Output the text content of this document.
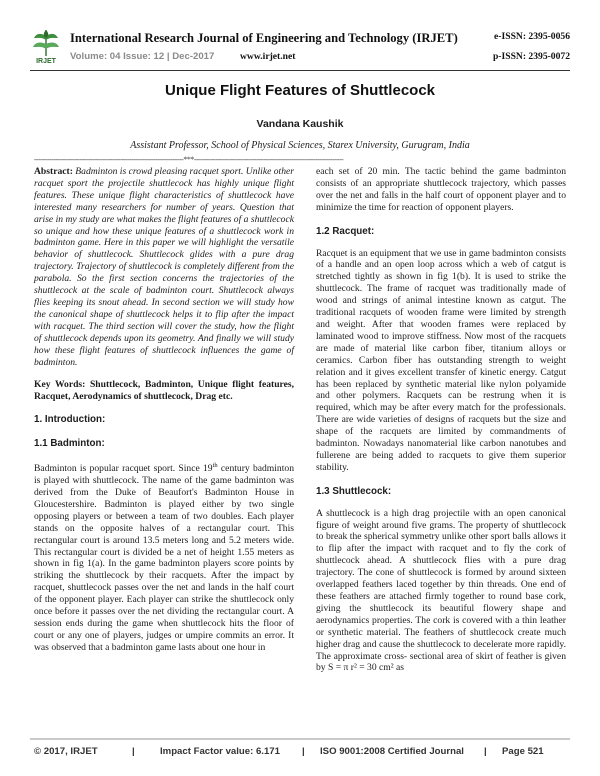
IRJET
International Research Journal of Engineering and Technology (IRJET)
Volume: 04 Issue: 12 | Dec-2017	www.irjet.net
e-ISSN: 2395-0056
p-ISSN: 2395-0072
Unique Flight Features of Shuttlecock
Vandana Kaushik
Assistant Professor, School of Physical Sciences, Starex University, Gurugram, India
---------------------------------------------------------------------***---------------------------------------------------------------------

Abstract: Badminton is crowd pleasing racquet sport. Unlike other racquet sport the projectile shuttlecock has highly unique flight features. These unique flight characteristics of shuttlecock have interested many researchers for number of years. Question that arise in my study are what makes the flight features of a shuttlecock so unique and how these unique features of a shuttlecock work in badminton game. Here in this paper we will highlight the versatile behavior of shuttlecock. Shuttlecock glides with a pure drag trajectory. Trajectory of shuttlecock is completely different from the parabola. So the first section concerns the trajectories of the shuttlecock at the scale of badminton court. Shuttlecock always flies keeping its snout ahead. In second section we will study how the canonical shape of shuttlecock helps it to flip after the impact with racquet. The third section will cover the study, how the flight of shuttlecock depends upon its geometry. And finally we will study how these flight features of shuttlecock influences the game of badminton.

Key Words: Shuttlecock, Badminton, Unique flight features, Racquet, Aerodynamics of shuttlecock, Drag etc.

1. Introduction:

1.1 Badminton:

Badminton is popular racquet sport. Since 19th century badminton is played with shuttlecock. The name of the game badminton was derived from the Duke of Beaufort's Badminton House in Gloucestershire. Badminton is played either by two single opposing players or between a team of two doubles. Each player stands on the opposite halves of a rectangular court. This rectangular court is around 13.5 meters long and 5.2 meters wide. This rectangular court is divided be a net of height 1.55 meters as shown in fig 1(a). In the game badminton players score points by striking the shuttlecock by their racquets. After the impact by racquet, shuttlecock passes over the net and lands in the half court of the opponent player. Each player can strike the shuttlecock only once before it passes over the net dividing the rectangular court. A session ends during the game when shuttlecock hits the floor of court or any one of players, judges or umpire commits an error. It was observed that a badminton game lasts about one hour in

each set of 20 min. The tactic behind the game badminton consists of an appropriate shuttlecock trajectory, which passes over the net and falls in the half court of opponent player and to minimize the time for reaction of opponent players.

1.2 Racquet:

Racquet is an equipment that we use in game badminton consists of a handle and an open loop across which a web of catgut is stretched tightly as shown in fig 1(b). It is used to strike the shuttlecock. The frame of racquet was traditionally made of wood and strings of animal intestine known as catgut. The traditional racquets of wooden frame were limited by strength and weight. After that wooden frames were replaced by laminated wood to improve stiffness. Now most of the racquets are made of material like carbon fiber, titanium alloys or ceramics. Carbon fiber has outstanding strength to weight relation and it gives excellent transfer of kinetic energy. Catgut has been replaced by synthetic material like nylon polyamide and other polymers. Racquets can be restrung when it is required, which may be after every match for the professionals. There are wide varieties of designs of racquets but the size and shape of the racquets are limited by commandments of badminton. Nowadays nanomaterial like carbon nanotubes and fullerene are being added to racquets to give them superior stability.

1.3 Shuttlecock:

A shuttlecock is a high drag projectile with an open canonical figure of weight around five grams. The property of shuttlecock to break the spherical symmetry unlike other sport balls allows it to flip after the impact with racquet and to fly the cork of shuttlecock ahead. A shuttlecock flies with a pure drag trajectory. The cone of shuttlecock is formed by around sixteen overlapped feathers laced together by thin threads. One end of these feathers are attached firmly together to round base cork, giving the shuttlecock its beautiful flowery shape and aerodynamics properties. The cork is covered with a thin leather or synthetic material. The feathers of shuttlecock create much higher drag and cause the shuttlecock to decelerate more rapidly. The approximate cross- sectional area of skirt of feather is given by S = π r² = 30 cm² as

© 2017, IRJET	|	Impact Factor value: 6.171 | ISO 9001:2008 Certified Journal | Page 521
